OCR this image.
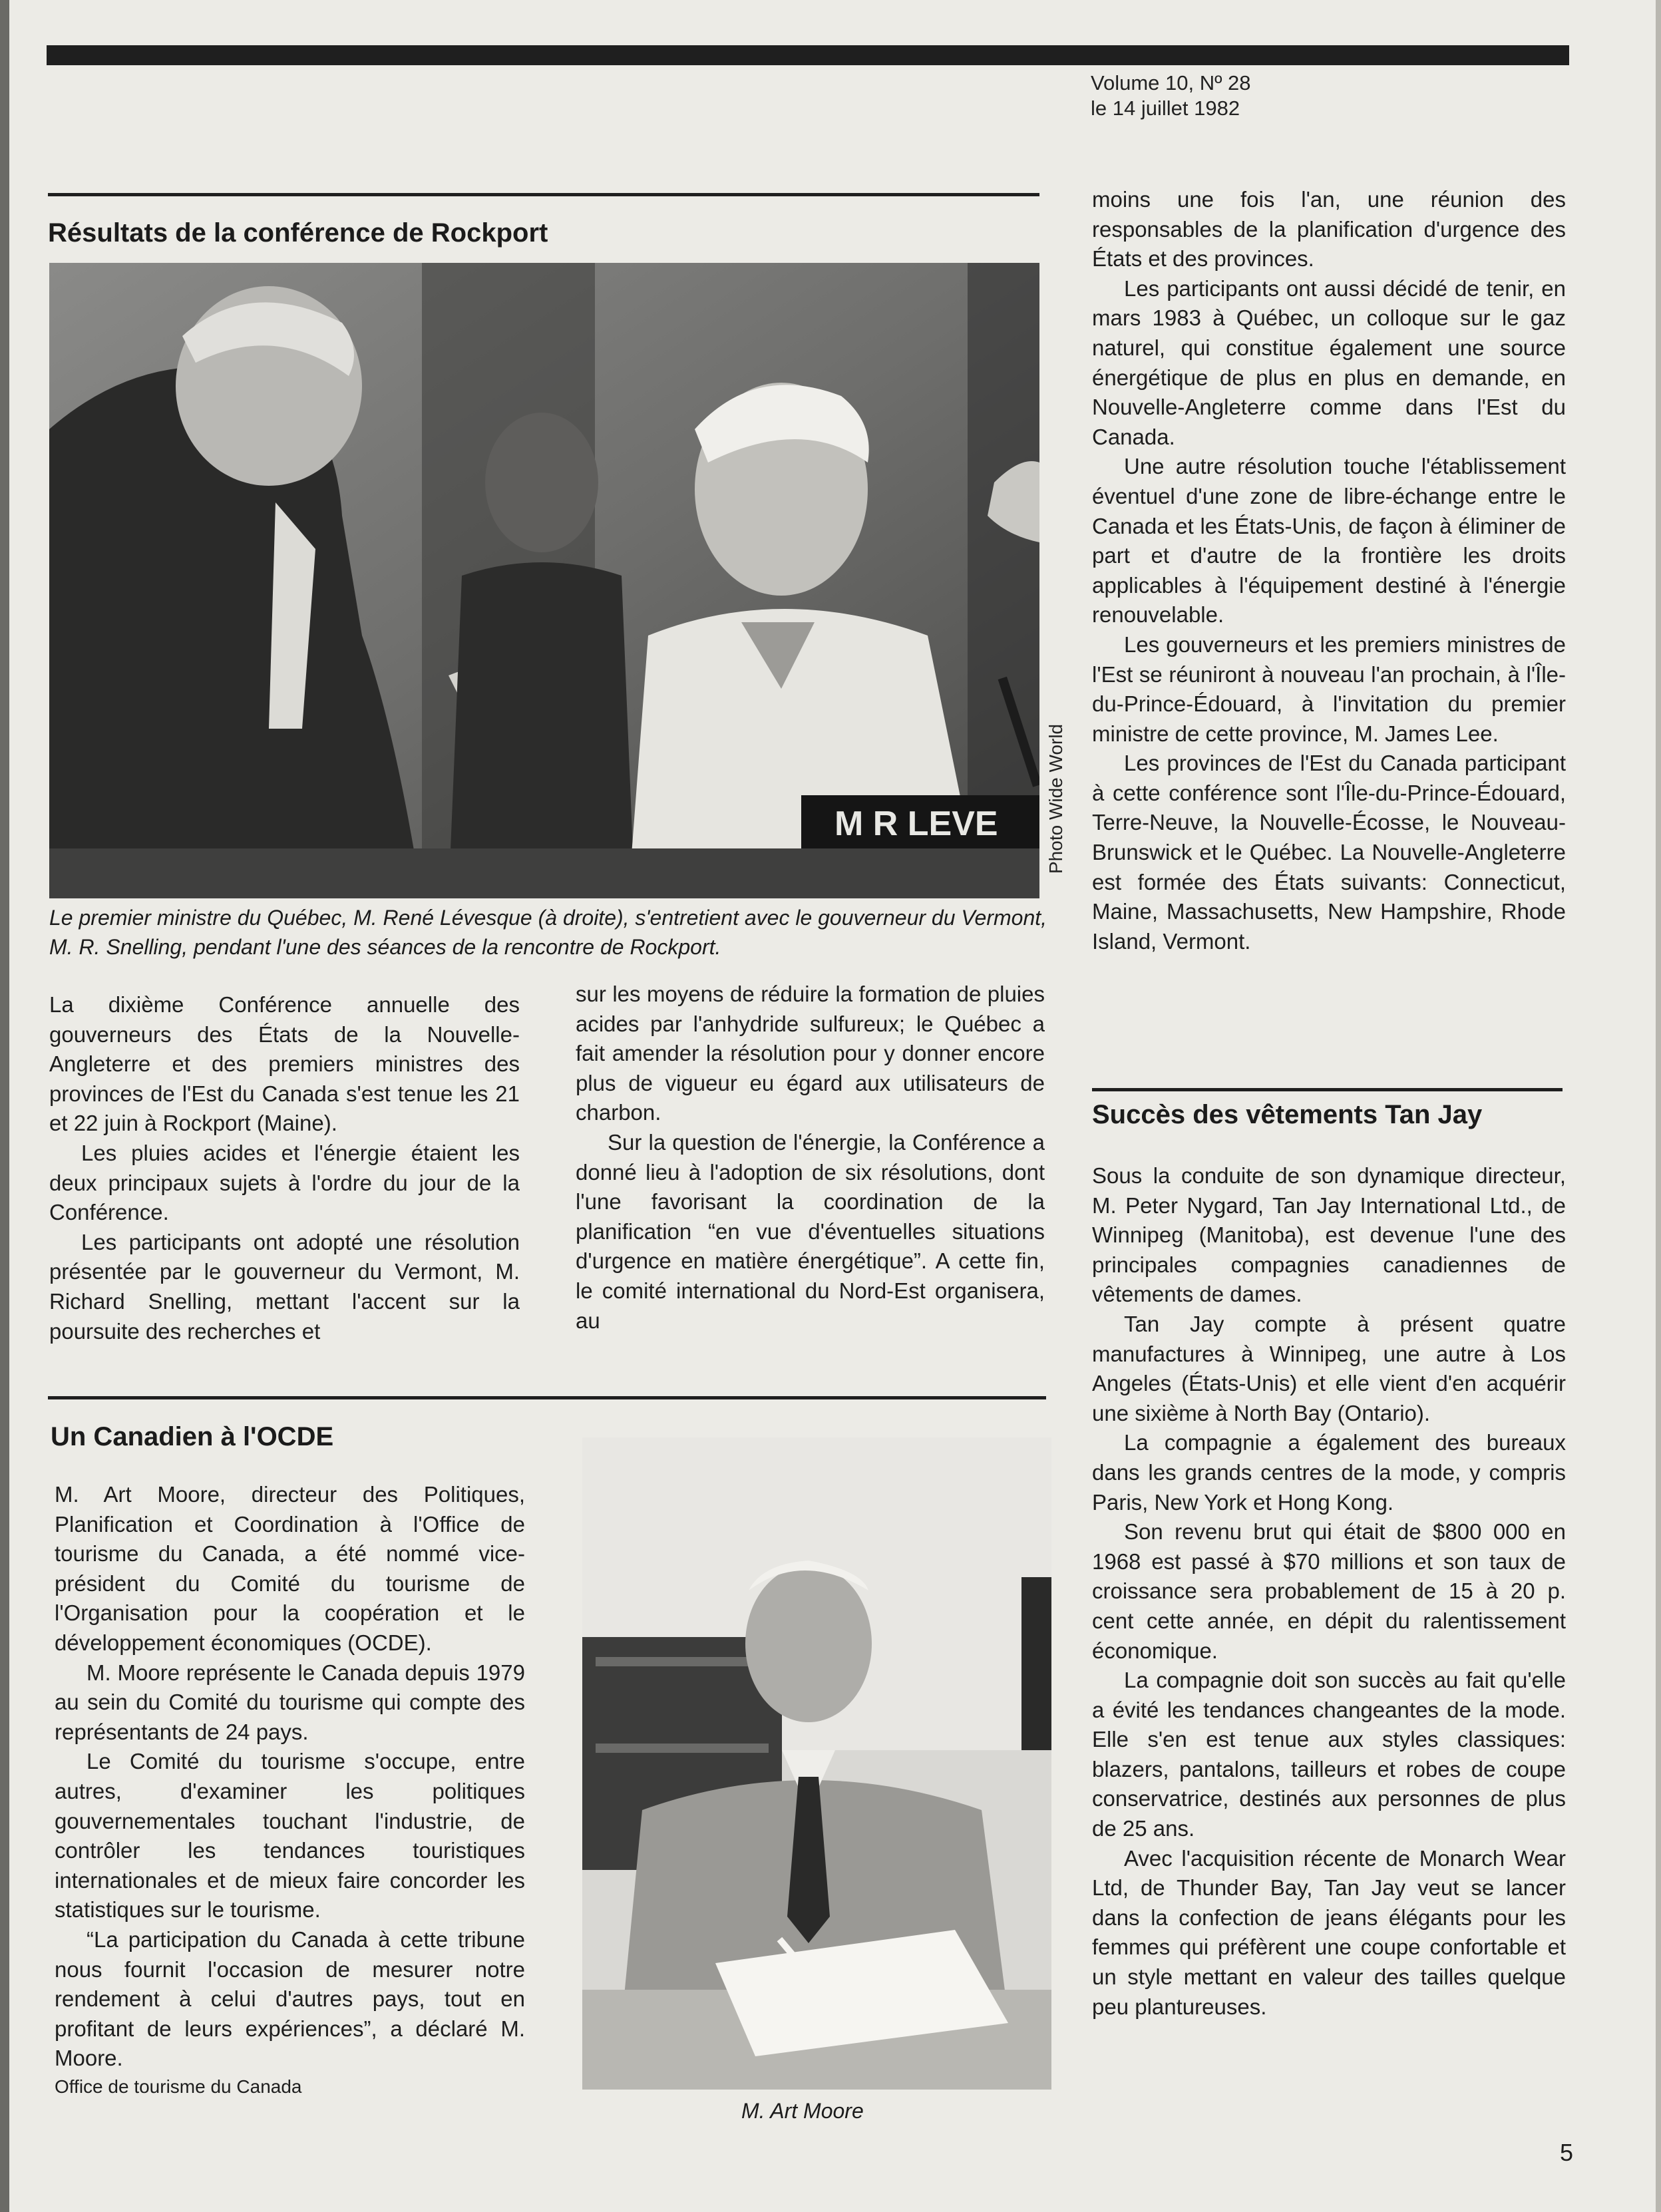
Volume 10, Nº 28
le 14 juillet 1982
Résultats de la conférence de Rockport
M R LEVE	Photo Wide World
Le premier ministre du Québec, M. René Lévesque (à droite), s'entretient avec le gouverneur du Vermont, M. R. Snelling, pendant l'une des séances de la rencontre de Rockport.

La dixième Conférence annuelle des gouverneurs des États de la Nouvelle-Angleterre et des premiers ministres des provinces de l'Est du Canada s'est tenue les 21 et 22 juin à Rockport (Maine).

Les pluies acides et l'énergie étaient les deux principaux sujets à l'ordre du jour de la Conférence.

Les participants ont adopté une résolution présentée par le gouverneur du Vermont, M. Richard Snelling, mettant l'accent sur la poursuite des recherches et

sur les moyens de réduire la formation de pluies acides par l'anhydride sulfureux; le Québec a fait amender la résolution pour y donner encore plus de vigueur eu égard aux utilisateurs de charbon.

Sur la question de l'énergie, la Conférence a donné lieu à l'adoption de six résolutions, dont l'une favorisant la coordination de la planification “en vue d'éventuelles situations d'urgence en matière énergétique”. A cette fin, le comité international du Nord-Est organisera, au

moins une fois l'an, une réunion des responsables de la planification d'urgence des États et des provinces.

Les participants ont aussi décidé de tenir, en mars 1983 à Québec, un colloque sur le gaz naturel, qui constitue également une source énergétique de plus en plus en demande, en Nouvelle-Angleterre comme dans l'Est du Canada.

Une autre résolution touche l'établissement éventuel d'une zone de libre-échange entre le Canada et les États-Unis, de façon à éliminer de part et d'autre de la frontière les droits applicables à l'équipement destiné à l'énergie renouvelable.

Les gouverneurs et les premiers ministres de l'Est se réuniront à nouveau l'an prochain, à l'Île-du-Prince-Édouard, à l'invitation du premier ministre de cette province, M. James Lee.

Les provinces de l'Est du Canada participant à cette conférence sont l'Île-du-Prince-Édouard, Terre-Neuve, la Nouvelle-Écosse, le Nouveau-Brunswick et le Québec. La Nouvelle-Angleterre est formée des États suivants: Connecticut, Maine, Massachusetts, New Hampshire, Rhode Island, Vermont.

Un Canadien à l'OCDE

M. Art Moore, directeur des Politiques, Planification et Coordination à l'Office de tourisme du Canada, a été nommé vice-président du Comité du tourisme de l'Organisation pour la coopération et le développement économiques (OCDE).

M. Moore représente le Canada depuis 1979 au sein du Comité du tourisme qui compte des représentants de 24 pays.

Le Comité du tourisme s'occupe, entre autres, d'examiner les politiques gouvernementales touchant l'industrie, de contrôler les tendances touristiques internationales et de mieux faire concorder les statistiques sur le tourisme.

“La participation du Canada à cette tribune nous fournit l'occasion de mesurer notre rendement à celui d'autres pays, tout en profitant de leurs expériences”, a déclaré M. Moore.

Office de tourisme du Canada

M. Art Moore
Succès des vêtements Tan Jay

Sous la conduite de son dynamique directeur, M. Peter Nygard, Tan Jay International Ltd., de Winnipeg (Manitoba), est devenue l'une des principales compagnies canadiennes de vêtements de dames.

Tan Jay compte à présent quatre manufactures à Winnipeg, une autre à Los Angeles (États-Unis) et elle vient d'en acquérir une sixième à North Bay (Ontario).

La compagnie a également des bureaux dans les grands centres de la mode, y compris Paris, New York et Hong Kong.

Son revenu brut qui était de $800 000 en 1968 est passé à $70 millions et son taux de croissance sera probablement de 15 à 20 p. cent cette année, en dépit du ralentissement économique.

La compagnie doit son succès au fait qu'elle a évité les tendances changeantes de la mode. Elle s'en est tenue aux styles classiques: blazers, pantalons, tailleurs et robes de coupe conservatrice, destinés aux personnes de plus de 25 ans.

Avec l'acquisition récente de Monarch Wear Ltd, de Thunder Bay, Tan Jay veut se lancer dans la confection de jeans élégants pour les femmes qui préfèrent une coupe confortable et un style mettant en valeur des tailles quelque peu plantureuses.

5
